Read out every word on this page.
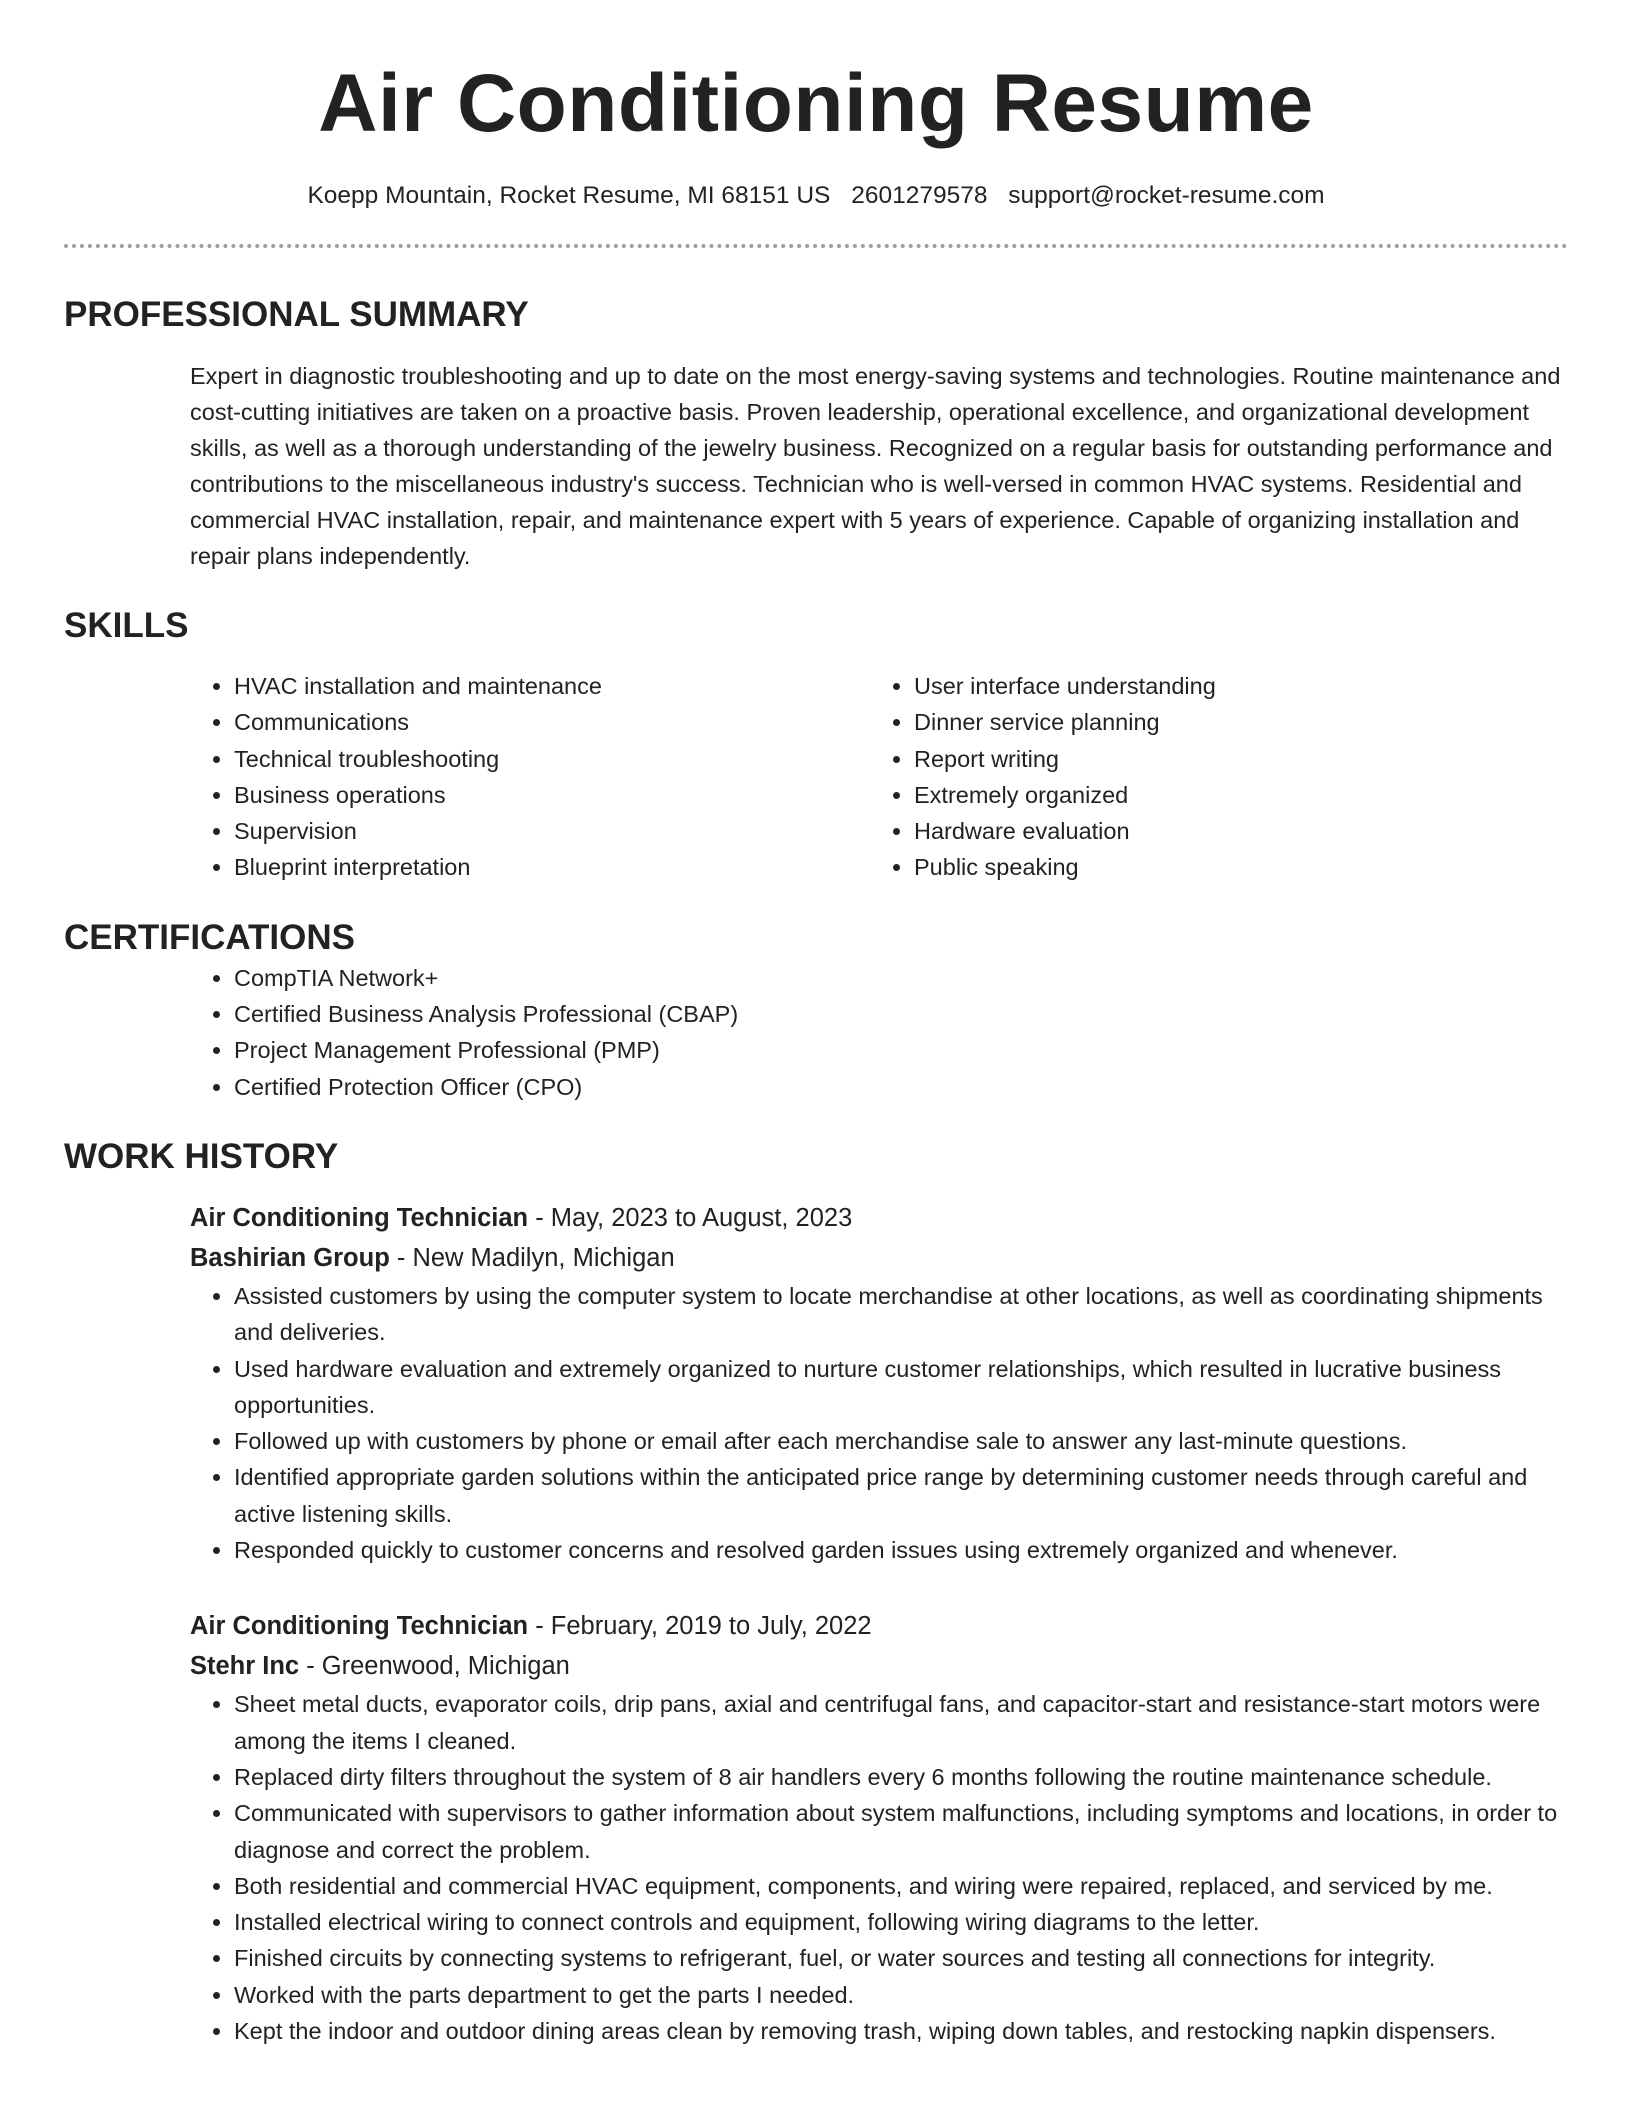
Air Conditioning Resume
Koepp Mountain, Rocket Resume, MI 68151 US 2601279578 support@rocket-resume.com
PROFESSIONAL SUMMARY

Expert in diagnostic troubleshooting and up to date on the most energy-saving systems and technologies. Routine maintenance and cost-cutting initiatives are taken on a proactive basis. Proven leadership, operational excellence, and organizational development skills, as well as a thorough understanding of the jewelry business. Recognized on a regular basis for outstanding performance and contributions to the miscellaneous industry's success. Technician who is well-versed in common HVAC systems. Residential and commercial HVAC installation, repair, and maintenance expert with 5 years of experience. Capable of organizing installation and repair plans independently.

SKILLS
• HVAC installation and maintenance
• Communications
• Technical troubleshooting
• Business operations
• Supervision
• Blueprint interpretation
• User interface understanding
• Dinner service planning
• Report writing
• Extremely organized
• Hardware evaluation
• Public speaking
CERTIFICATIONS
• CompTIA Network+
• Certified Business Analysis Professional (CBAP)
• Project Management Professional (PMP)
• Certified Protection Officer (CPO)
WORK HISTORY
Air Conditioning Technician - May, 2023 to August, 2023
Bashirian Group - New Madilyn, Michigan
• Assisted customers by using the computer system to locate merchandise at other locations, as well as coordinating shipments and deliveries.
• Used hardware evaluation and extremely organized to nurture customer relationships, which resulted in lucrative business opportunities.
• Followed up with customers by phone or email after each merchandise sale to answer any last-minute questions.
• Identified appropriate garden solutions within the anticipated price range by determining customer needs through careful and active listening skills.
• Responded quickly to customer concerns and resolved garden issues using extremely organized and whenever.
Air Conditioning Technician - February, 2019 to July, 2022
Stehr Inc - Greenwood, Michigan
• Sheet metal ducts, evaporator coils, drip pans, axial and centrifugal fans, and capacitor-start and resistance-start motors were among the items I cleaned.
• Replaced dirty filters throughout the system of 8 air handlers every 6 months following the routine maintenance schedule.
• Communicated with supervisors to gather information about system malfunctions, including symptoms and locations, in order to diagnose and correct the problem.
• Both residential and commercial HVAC equipment, components, and wiring were repaired, replaced, and serviced by me.
• Installed electrical wiring to connect controls and equipment, following wiring diagrams to the letter.
• Finished circuits by connecting systems to refrigerant, fuel, or water sources and testing all connections for integrity.
• Worked with the parts department to get the parts I needed.
• Kept the indoor and outdoor dining areas clean by removing trash, wiping down tables, and restocking napkin dispensers.
